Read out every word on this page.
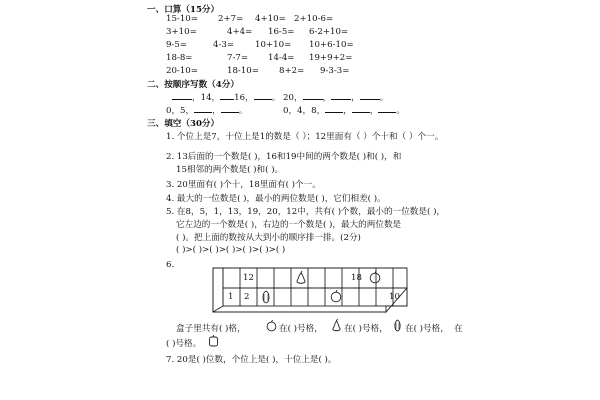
一、口算（15分）
15-10= 2+7= 4+10= 2+10-6=
3+10=	4+4= 16-5= 6-2+10=
9-5=	4-3= 10+10= 10+6-10=
18-8=	7-7= 14-4= 19+9+2=
20-10=	18-10= 8+2= 9-3-3=
二、按顺序写数（4分）
，14， 16， 。 20， ， ， 。
0，5， ， 。	0，4，8， ， ， 。
三、填空（30分）
1. 个位上是7，十位上是1的数是（ ）；12里面有（ ）个十和（ ）个一。
2. 13后面的一个数是( )，16和19中间的两个数是( )和( )，和
15相邻的两个数是( )和( )。
3. 20里面有( )个十，18里面有( )个一。
4. 最大的一位数是( )，最小的两位数是( )，它们相差( )。
5. 在8，5，1，13，19，20，12中，共有( )个数，最小的一位数是( )，
它左边的一个数是( )，右边的一个数是( )，最大的两位数是
( )。把上面的数按从大到小的顺序排一排。(2分)
( )>( )>( )>( )>( )>( )>( )
6.
12	18
1 2	10
盒子里共有( )格，	在( )号格， 在( )号格， 在( )号格， 在
( )号格。
7. 20是( )位数，个位上是( )，十位上是( )。
